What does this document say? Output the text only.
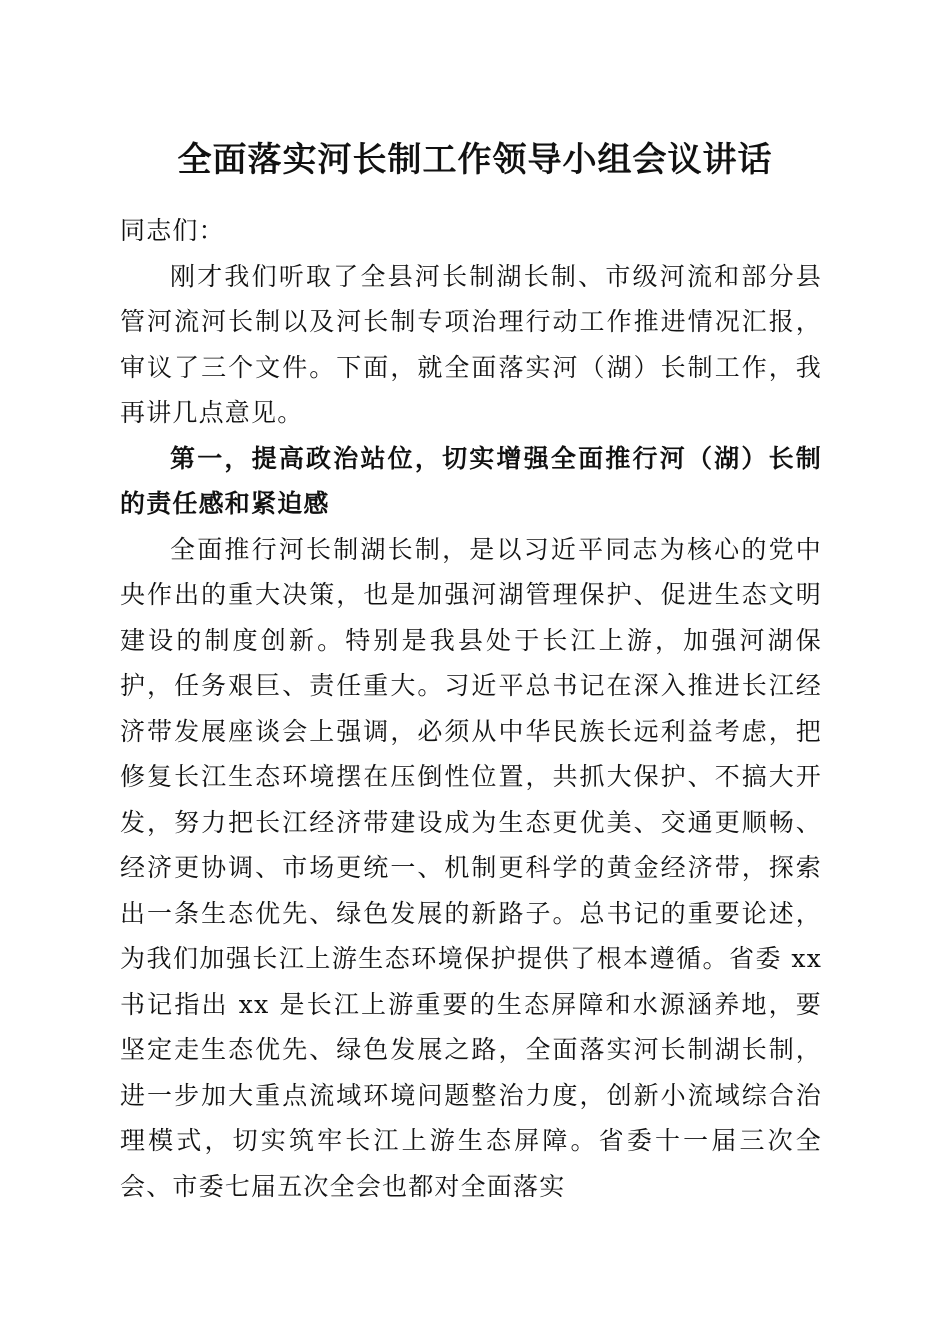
全面落实河长制工作领导小组会议讲话

同志们：

刚才我们听取了全县河长制湖长制、市级河流和部分县管河流河长制以及河长制专项治理行动工作推进情况汇报，审议了三个文件。下面，就全面落实河（湖）长制工作，我再讲几点意见。

第一，提高政治站位，切实增强全面推行河（湖）长制的责任感和紧迫感

全面推行河长制湖长制，是以习近平同志为核心的党中央作出的重大决策，也是加强河湖管理保护、促进生态文明建设的制度创新。特别是我县处于长江上游，加强河湖保护，任务艰巨、责任重大。习近平总书记在深入推进长江经济带发展座谈会上强调，必须从中华民族长远利益考虑，把修复长江生态环境摆在压倒性位置，共抓大保护、不搞大开发，努力把长江经济带建设成为生态更优美、交通更顺畅、经济更协调、市场更统一、机制更科学的黄金经济带，探索出一条生态优先、绿色发展的新路子。总书记的重要论述，为我们加强长江上游生态环境保护提供了根本遵循。省委 xx 书记指出 xx 是长江上游重要的生态屏障和水源涵养地，要坚定走生态优先、绿色发展之路，全面落实河长制湖长制，进一步加大重点流域环境问题整治力度，创新小流域综合治理模式，切实筑牢长江上游生态屏障。省委十一届三次全会、市委七届五次全会也都对全面落实
